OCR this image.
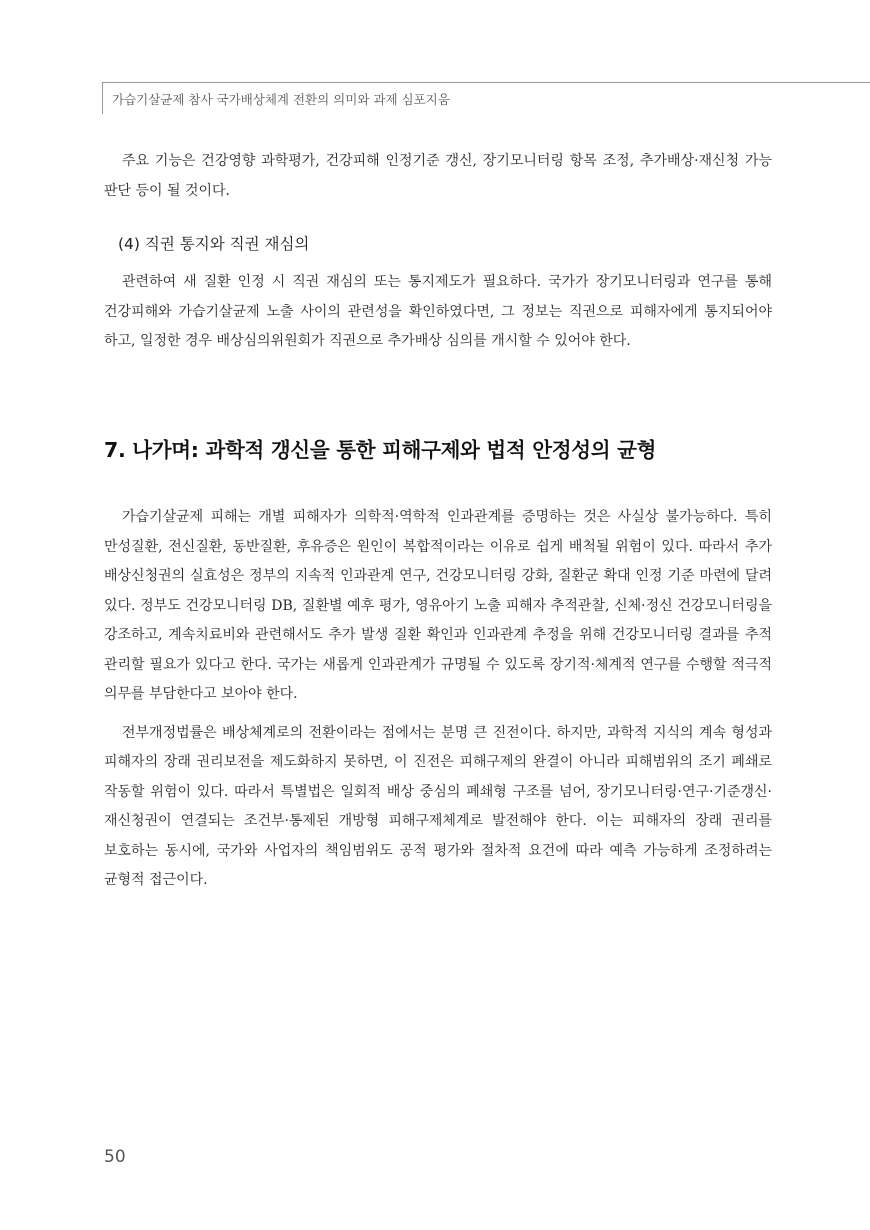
가습기살균제 참사 국가배상체계 전환의 의미와 과제 심포지움

주요 기능은 건강영향 과학평가, 건강피해 인정기준 갱신, 장기모니터링 항목 조정, 추가배상·재신청 가능 판단 등이 될 것이다.

(4) 직권 통지와 직권 재심의

관련하여 새 질환 인정 시 직권 재심의 또는 통지제도가 필요하다. 국가가 장기모니터링과 연구를 통해 건강피해와 가습기살균제 노출 사이의 관련성을 확인하였다면, 그 정보는 직권으로 피해자에게 통지되어야 하고, 일정한 경우 배상심의위원회가 직권으로 추가배상 심의를 개시할 수 있어야 한다.

7. 나가며: 과학적 갱신을 통한 피해구제와 법적 안정성의 균형

가습기살균제 피해는 개별 피해자가 의학적·역학적 인과관계를 증명하는 것은 사실상 불가능하다. 특히 만성질환, 전신질환, 동반질환, 후유증은 원인이 복합적이라는 이유로 쉽게 배척될 위험이 있다. 따라서 추가 배상신청권의 실효성은 정부의 지속적 인과관계 연구, 건강모니터링 강화, 질환군 확대 인정 기준 마련에 달려 있다. 정부도 건강모니터링 DB, 질환별 예후 평가, 영유아기 노출 피해자 추적관찰, 신체·정신 건강모니터링을 강조하고, 계속치료비와 관련해서도 추가 발생 질환 확인과 인과관계 추정을 위해 건강모니터링 결과를 추적 관리할 필요가 있다고 한다. 국가는 새롭게 인과관계가 규명될 수 있도록 장기적·체계적 연구를 수행할 적극적 의무를 부담한다고 보아야 한다.

전부개정법률은 배상체계로의 전환이라는 점에서는 분명 큰 진전이다. 하지만, 과학적 지식의 계속 형성과 피해자의 장래 권리보전을 제도화하지 못하면, 이 진전은 피해구제의 완결이 아니라 피해범위의 조기 폐쇄로 작동할 위험이 있다. 따라서 특별법은 일회적 배상 중심의 폐쇄형 구조를 넘어, 장기모니터링·연구·기준갱신·재신청권이 연결되는 조건부·통제된 개방형 피해구제체계로 발전해야 한다. 이는 피해자의 장래 권리를 보호하는 동시에, 국가와 사업자의 책임범위도 공적 평가와 절차적 요건에 따라 예측 가능하게 조정하려는 균형적 접근이다.

50
